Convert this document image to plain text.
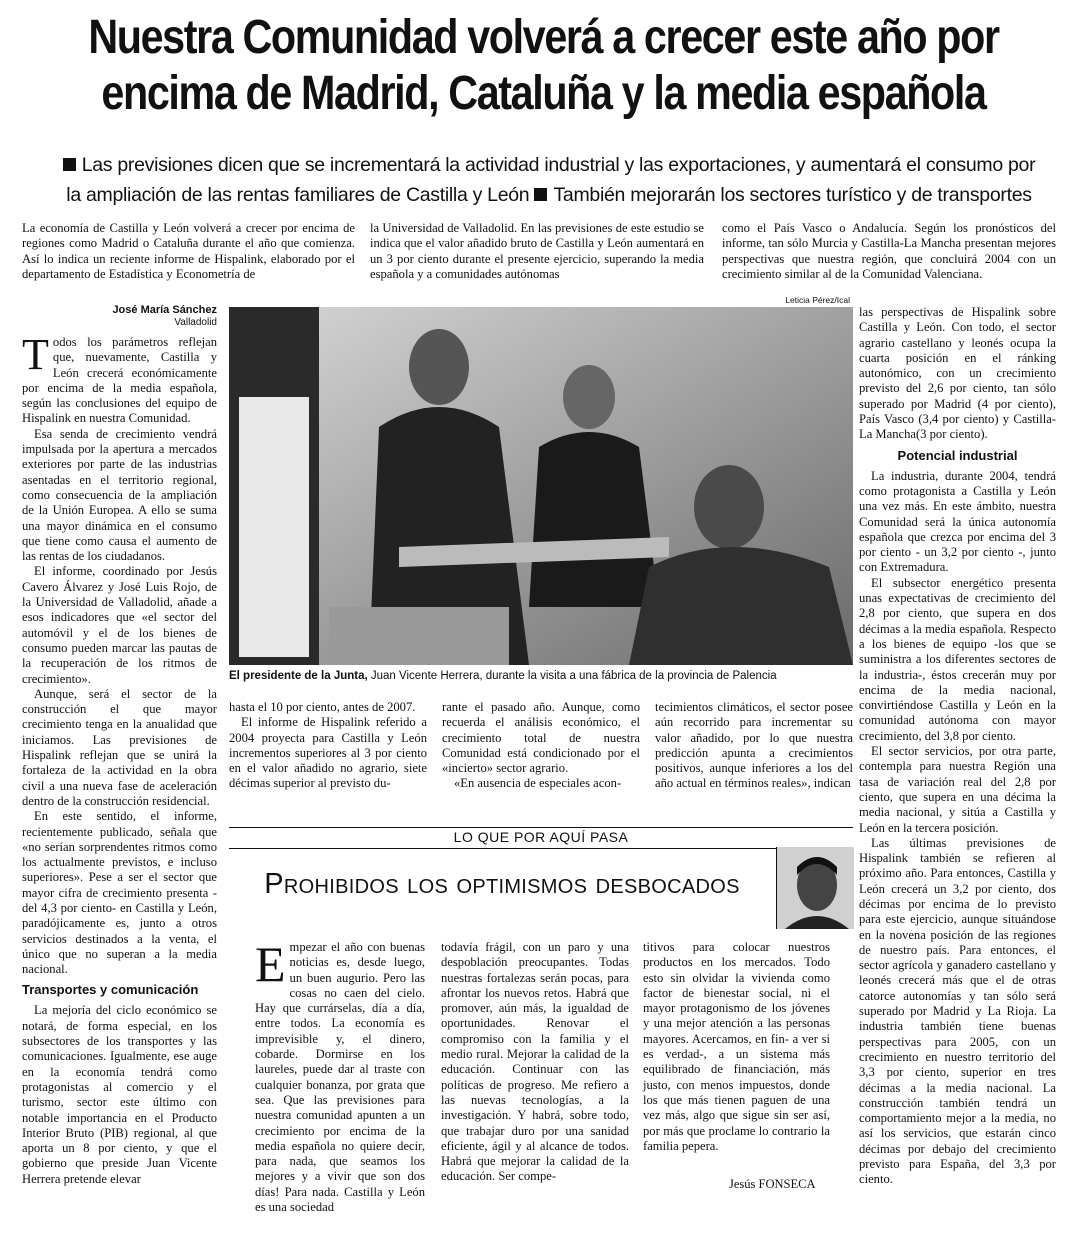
Nuestra Comunidad volverá a crecer este año por
encima de Madrid, Cataluña y la media española
Las previsiones dicen que se incrementará la actividad industrial y las exportaciones, y aumentará el consumo por
la ampliación de las rentas familiares de Castilla y León También mejorarán los sectores turístico y de transportes

La economía de Castilla y León volverá a crecer por encima de regiones como Madrid o Cataluña durante el año que comienza. Así lo indica un reciente informe de Hispalink, elaborado por el departamento de Estadística y Econometría de

la Universidad de Valladolid. En las previsiones de este estudio se indica que el valor añadido bruto de Castilla y León aumentará en un 3 por ciento durante el presente ejercicio, superando la media española y a comunidades autónomas

como el País Vasco o Andalucía. Según los pronósticos del informe, tan sólo Murcia y Castilla-La Mancha presentan mejores perspectivas que nuestra región, que concluirá 2004 con un crecimiento similar al de la Comunidad Valenciana.

José María Sánchez
Valladolid

Todos los parámetros reflejan que, nuevamente, Castilla y León crecerá económicamente por encima de la media española, según las conclusiones del equipo de Hispalink en nuestra Comunidad.

Esa senda de crecimiento vendrá impulsada por la apertura a mercados exteriores por parte de las industrias asentadas en el territorio regional, como consecuencia de la ampliación de la Unión Europea. A ello se suma una mayor dinámica en el consumo que tiene como causa el aumento de las rentas de los ciudadanos.

El informe, coordinado por Jesús Cavero Álvarez y José Luis Rojo, de la Universidad de Valladolid, añade a esos indicadores que «el sector del automóvil y el de los bienes de consumo pueden marcar las pautas de la recuperación de los ritmos de crecimiento».

Aunque, será el sector de la construcción el que mayor crecimiento tenga en la anualidad que iniciamos. Las previsiones de Hispalink reflejan que se unirá la fortaleza de la actividad en la obra civil a una nueva fase de aceleración dentro de la construcción residencial.

En este sentido, el informe, recientemente publicado, señala que «no serían sorprendentes ritmos como los actualmente previstos, e incluso superiores». Pese a ser el sector que mayor cifra de crecimiento presenta -del 4,3 por ciento- en Castilla y León, paradójicamente es, junto a otros servicios destinados a la venta, el único que no superan a la media nacional.

Transportes y comunicación

La mejoría del ciclo económico se notará, de forma especial, en los subsectores de los transportes y las comunicaciones. Igualmente, ese auge en la economía tendrá como protagonistas al comercio y el turismo, sector este último con notable importancia en el Producto Interior Bruto (PIB) regional, al que aporta un 8 por ciento, y que el gobierno que preside Juan Vicente Herrera pretende elevar

Leticia Pérez/Ical
El presidente de la Junta, Juan Vicente Herrera, durante la visita a una fábrica de la provincia de Palencia

hasta el 10 por ciento, antes de 2007.

El informe de Hispalink referido a 2004 proyecta para Castilla y León incrementos superiores al 3 por ciento en el valor añadido no agrario, siete décimas superior al previsto du-

rante el pasado año. Aunque, como recuerda el análisis económico, el crecimiento total de nuestra Comunidad está condicionado por el «incierto» sector agrario.

«En ausencia de especiales acon-

tecimientos climáticos, el sector posee aún recorrido para incrementar su valor añadido, por lo que nuestra predicción apunta a crecimientos positivos, aunque inferiores a los del año actual en términos reales», indican

las perspectivas de Hispalink sobre Castilla y León. Con todo, el sector agrario castellano y leonés ocupa la cuarta posición en el ránking autonómico, con un crecimiento previsto del 2,6 por ciento, tan sólo superado por Madrid (4 por ciento), País Vasco (3,4 por ciento) y Castilla-La Mancha(3 por ciento).

Potencial industrial

La industria, durante 2004, tendrá como protagonista a Castilla y León una vez más. En este ámbito, nuestra Comunidad será la única autonomía española que crezca por encima del 3 por ciento - un 3,2 por ciento -, junto con Extremadura.

El subsector energético presenta unas expectativas de crecimiento del 2,8 por ciento, que supera en dos décimas a la media española. Respecto a los bienes de equipo -los que se suministra a los diferentes sectores de la industria-, éstos crecerán muy por encima de la media nacional, convirtiéndose Castilla y León en la comunidad autónoma con mayor crecimiento, del 3,8 por ciento.

El sector servicios, por otra parte, contempla para nuestra Región una tasa de variación real del 2,8 por ciento, que supera en una décima la media nacional, y sitúa a Castilla y León en la tercera posición.

Las últimas previsiones de Hispalink también se refieren al próximo año. Para entonces, Castilla y León crecerá un 3,2 por ciento, dos décimas por encima de lo previsto para este ejercicio, aunque situándose en la novena posición de las regiones de nuestro país. Para entonces, el sector agrícola y ganadero castellano y leonés crecerá más que el de otras catorce autonomías y tan sólo será superado por Madrid y La Rioja. La industria también tiene buenas perspectivas para 2005, con un crecimiento en nuestro territorio del 3,3 por ciento, superior en tres décimas a la media nacional. La construcción también tendrá un comportamiento mejor a la media, no así los servicios, que estarán cinco décimas por debajo del crecimiento previsto para España, del 3,3 por ciento.

LO QUE POR AQUÍ PASA
Prohibidos los optimismos desbocados

Empezar el año con buenas noticias es, desde luego, un buen augurio. Pero las cosas no caen del cielo. Hay que currárselas, día a día, entre todos. La economía es imprevisible y, el dinero, cobarde. Dormirse en los laureles, puede dar al traste con cualquier bonanza, por grata que sea. Que las previsiones para nuestra comunidad apunten a un crecimiento por encima de la media española no quiere decir, para nada, que seamos los mejores y a vivir que son dos días! Para nada. Castilla y León es una sociedad

todavía frágil, con un paro y una despoblación preocupantes. Todas nuestras fortalezas serán pocas, para afrontar los nuevos retos. Habrá que promover, aún más, la igualdad de oportunidades. Renovar el compromiso con la familia y el medio rural. Mejorar la calidad de la educación. Continuar con las políticas de progreso. Me refiero a las nuevas tecnologías, a la investigación. Y habrá, sobre todo, que trabajar duro por una sanidad eficiente, ágil y al alcance de todos. Habrá que mejorar la calidad de la educación. Ser compe-

titivos para colocar nuestros productos en los mercados. Todo esto sin olvidar la vivienda como factor de bienestar social, ni el mayor protagonismo de los jóvenes y una mejor atención a las personas mayores. Acercamos, en fin- a ver si es verdad-, a un sistema más equilibrado de financiación, más justo, con menos impuestos, donde los que más tienen paguen de una vez más, algo que sigue sin ser así, por más que proclame lo contrario la familia pepera.

Jesús FONSECA
